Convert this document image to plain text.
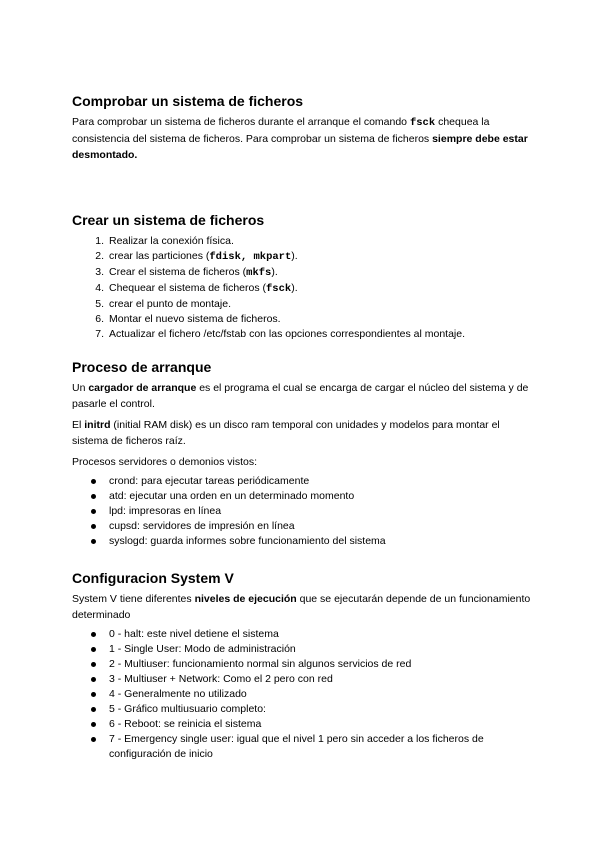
Comprobar un sistema de ficheros

Para comprobar un sistema de ficheros durante el arranque el comando fsck chequea la consistencia del sistema de ficheros. Para comprobar un sistema de ficheros siempre debe estar desmontado.

Crear un sistema de ficheros
1. Realizar la conexión física.
2. crear las particiones (fdisk, mkpart).
3. Crear el sistema de ficheros (mkfs).
4. Chequear el sistema de ficheros (fsck).
5. crear el punto de montaje.
6. Montar el nuevo sistema de ficheros.
7. Actualizar el fichero /etc/fstab con las opciones correspondientes al montaje.
Proceso de arranque

Un cargador de arranque es el programa el cual se encarga de cargar el núcleo del sistema y de pasarle el control.

El initrd (initial RAM disk) es un disco ram temporal con unidades y modelos para montar el sistema de ficheros raíz.

Procesos servidores o demonios vistos:

crond: para ejecutar tareas periódicamente
atd: ejecutar una orden en un determinado momento
lpd: impresoras en línea
cupsd: servidores de impresión en línea
syslogd: guarda informes sobre funcionamiento del sistema
Configuracion System V

System V tiene diferentes niveles de ejecución que se ejecutarán depende de un funcionamiento determinado

0 - halt: este nivel detiene el sistema
1 - Single User: Modo de administración
2 - Multiuser: funcionamiento normal sin algunos servicios de red
3 - Multiuser + Network: Como el 2 pero con red
4 - Generalmente no utilizado
5 - Gráfico multiusuario completo:
6 - Reboot: se reinicia el sistema
7 - Emergency single user: igual que el nivel 1 pero sin acceder a los ficheros de configuración de inicio
